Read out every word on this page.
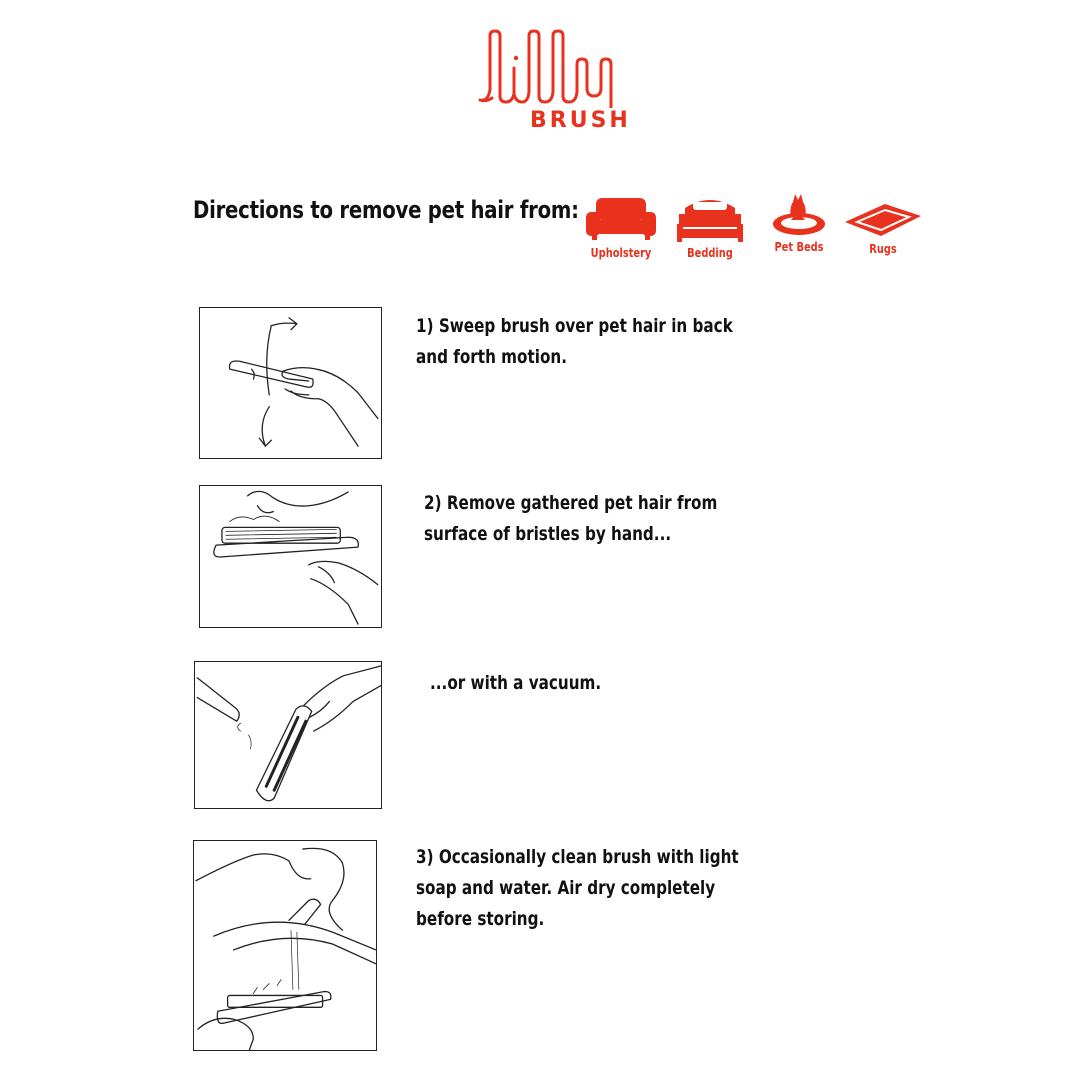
BRUSH
Directions to remove pet hair from:
Upholstery	Bedding	Pet Beds	Rugs
1) Sweep brush over pet hair in back
and forth motion.
2) Remove gathered pet hair from
surface of bristles by hand...
...or with a vacuum.
3) Occasionally clean brush with light
soap and water. Air dry completely
before storing.
